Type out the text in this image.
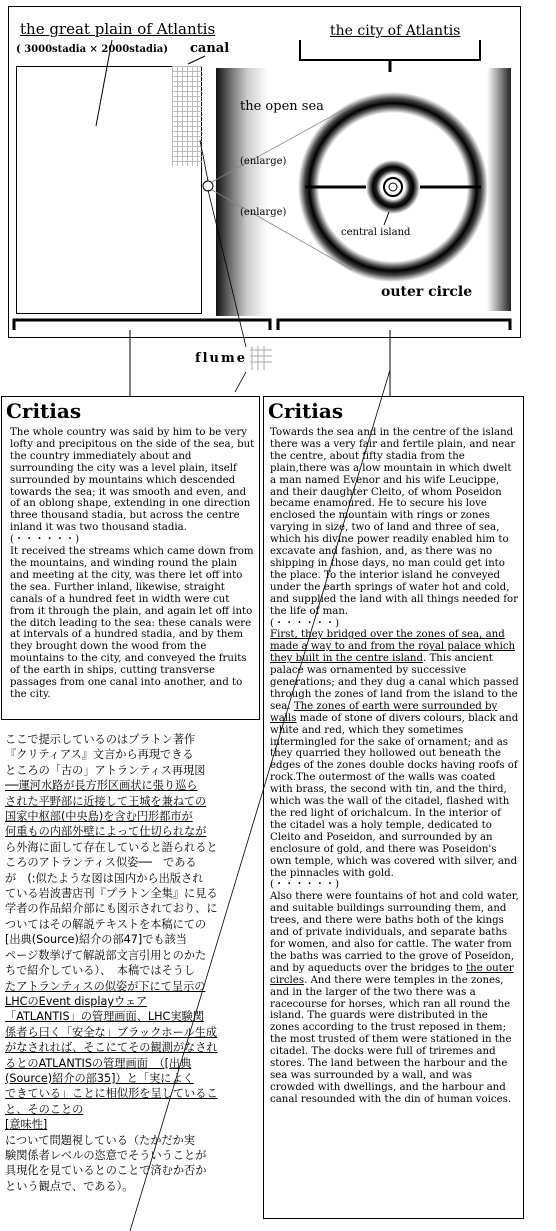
the great plain of Atlantis
( 3000stadia × 2000stadia) canal
the city of Atlantis
the open sea
(enlarge)
(enlarge)
central island
outer circle
flume
Critias

The whole country was said by him to be very lofty and precipitous on the side of the sea, but the country immediately about and surrounding the city was a level plain, itself surrounded by mountains which descended towards the sea; it was smooth and even, and of an oblong shape, extending in one direction three thousand stadia, but across the centre inland it was two thousand stadia.

(・・・・・・)

It received the streams which came down from the mountains, and winding round the plain and meeting at the city, was there let off into the sea. Further inland, likewise, straight canals of a hundred feet in width were cut from it through the plain, and again let off into the ditch leading to the sea: these canals were at intervals of a hundred stadia, and by them they brought down the wood from the mountains to the city, and conveyed the fruits of the earth in ships, cutting transverse passages from one canal into another, and to the city.

Critias

Towards the sea and in the centre of the island there was a very fair and fertile plain, and near the centre, about fifty stadia from the plain,there was a low mountain in which dwelt a man named Evenor and his wife Leucippe, and their daughter Cleito, of whom Poseidon became enamoured. He to secure his love enclosed the mountain with rings or zones varying in size, two of land and three of sea, which his divine power readily enabled him to excavate and fashion, and, as there was no shipping in those days, no man could get into the place. To the interior island he conveyed under the earth springs of water hot and cold, and supplied the land with all things needed for the life of man.

(・・・・・・)

First, they bridged over the zones of sea, and made a way to and from the royal palace which they built in the centre island. This ancient palace was ornamented by successive generations; and they dug a canal which passed through the zones of land from the island to the sea. The zones of earth were surrounded by walls made of stone of divers colours, black and white and red, which they sometimes intermingled for the sake of ornament; and as they quarried they hollowed out beneath the edges of the zones double docks having roofs of rock.The outermost of the walls was coated with brass, the second with tin, and the third, which was the wall of the citadel, flashed with the red light of orichalcum. In the interior of the citadel was a holy temple, dedicated to Cleito and Poseidon, and surrounded by an enclosure of gold, and there was Poseidon's own temple, which was covered with silver, and the pinnacles with gold.

(・・・・・・)

Also there were fountains of hot and cold water, and suitable buildings surrounding them, and trees, and there were baths both of the kings and of private individuals, and separate baths for women, and also for cattle. The water from the baths was carried to the grove of Poseidon, and by aqueducts over the bridges to the outer circles. And there were temples in the zones, and in the larger of the two there was a racecourse for horses, which ran all round the island. The guards were distributed in the zones according to the trust reposed in them; the most trusted of them were stationed in the citadel. The docks were full of triremes and stores. The land between the harbour and the sea was surrounded by a wall, and was crowded with dwellings, and the harbour and canal resounded with the din of human voices.

ここで提示しているのはプラトン著作

『クリティアス』文言から再現できる

ところの「古の」アトランティス再現図

──運河水路が長方形区画状に張り巡ら

された平野部に近接して王城を兼ねての

国家中枢部(中央島)を含む円形都市が

何重もの内部外壁によって仕切られなが

ら外海に面して存在していると語られると

ころのアトランティス似姿──　である

が　(:似たような図は国内から出版され

ている岩波書店刊『プラトン全集』に見る

学者の作品紹介部にも図示されており、に

ついてはその解説テキストを本稿にての

[出典(Source)紹介の部47]でも該当

ページ数挙げて解説部文言引用とのかた

ちで紹介している）、　本稿ではそうし

たアトランティスの似姿が下にて呈示の

LHCのEvent displayウェア

「ATLANTIS」の管理画面、LHC実験関

係者ら曰く「安全な」ブラックホール生成

がなされれば、そこにてその観測がなされ

るとのATLANTISの管理画面　（[出典

(Source)紹介の部35]）と「実によく

できている」ことに相似形を呈しているこ

と、そのことの

[意味性]

について問題視している（たかだか実

験関係者レベルの恣意でそういうことが

具現化を見ているとのことで済むか否か

という観点で、である）。
